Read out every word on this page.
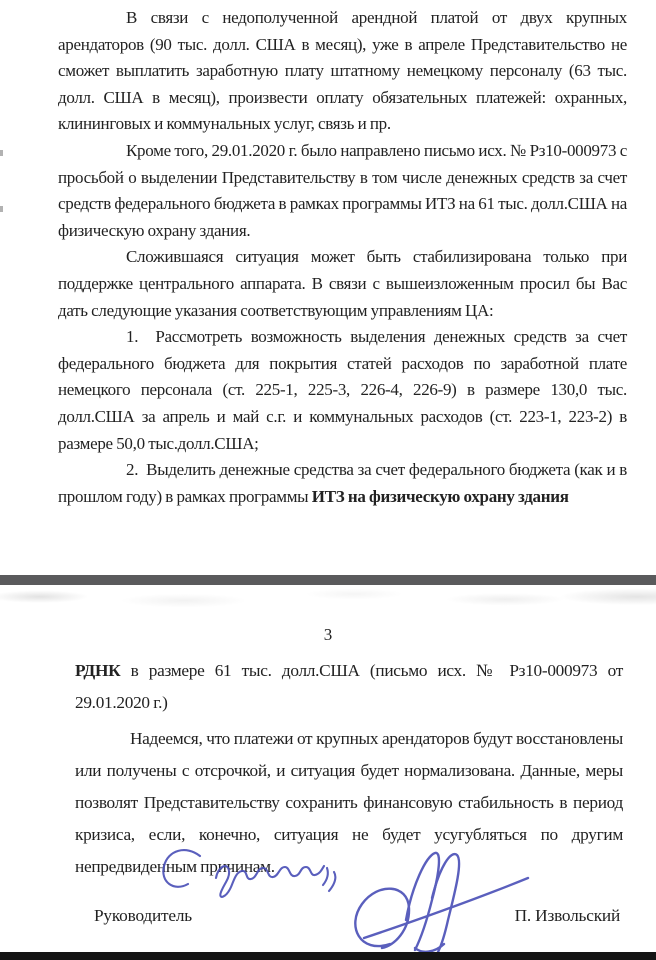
В связи с недополученной арендной платой от двух крупных арендаторов (90 тыс. долл. США в месяц), уже в апреле Представительство не сможет выплатить заработную плату штатному немецкому персоналу (63 тыс. долл. США в месяц), произвести оплату обязательных платежей: охранных, клининговых и коммунальных услуг, связь и пр.

Кроме того, 29.01.2020 г. было направлено письмо исх. № Рз10-000973 с просьбой о выделении Представительству в том числе денежных средств за счет средств федерального бюджета в рамках программы ИТЗ на 61 тыс. долл.США на физическую охрану здания.

Сложившаяся ситуация может быть стабилизирована только при поддержке центрального аппарата. В связи с вышеизложенным просил бы Вас дать следующие указания соответствующим управлениям ЦА:

1.  Рассмотреть возможность выделения денежных средств за счет федерального бюджета для покрытия статей расходов по заработной плате немецкого персонала (ст. 225-1, 225-3, 226-4, 226-9) в размере 130,0 тыс. долл.США за апрель и май с.г. и коммунальных расходов (ст. 223-1, 223-2) в размере 50,0 тыс.долл.США;

2.  Выделить денежные средства за счет федерального бюджета (как и в прошлом году) в рамках программы ИТЗ на физическую охрану здания

3

РДНК в размере 61 тыс. долл.США (письмо исх. № Рз10-000973 от 29.01.2020 г.)

Надеемся, что платежи от крупных арендаторов будут восстановлены или получены с отсрочкой, и ситуация будет нормализована. Данные, меры позволят Представительству сохранить финансовую стабильность в период кризиса, если, конечно, ситуация не будет усугубляться по другим непредвиденным причинам.

Руководитель	П. Извольский
